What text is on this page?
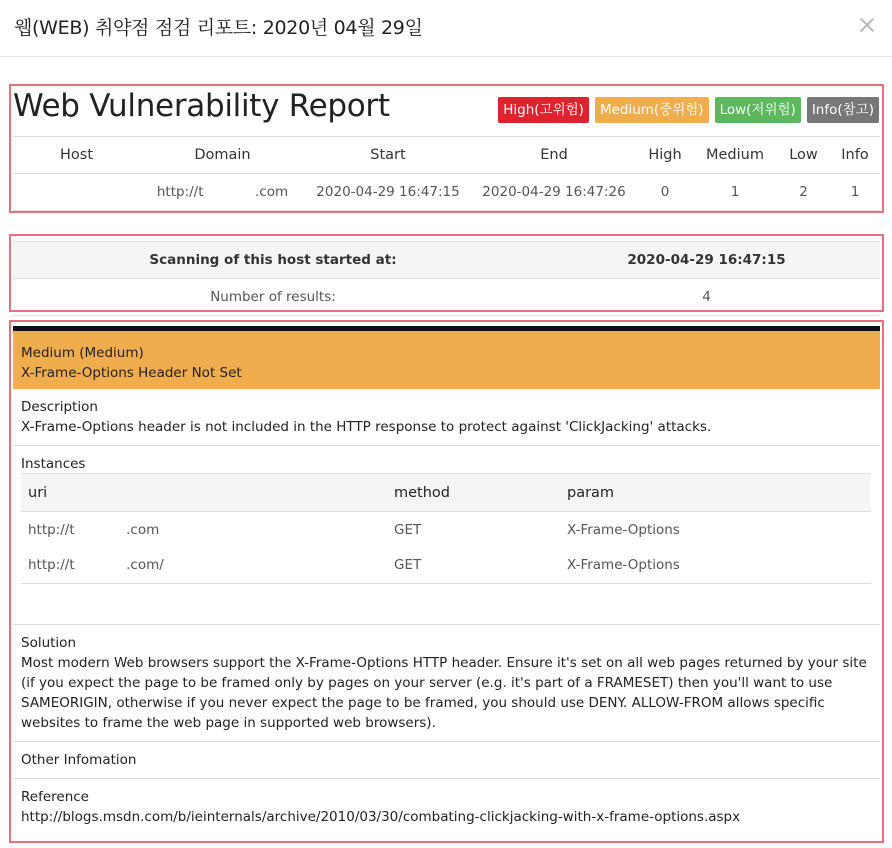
웹(WEB) 취약점 점검 리포트: 2020년 04월 29일
Web Vulnerability Report	High(고위험)	Medium(중위험)	Low(저위험)	Info(참고)
Host	Domain	Start	End	High	Medium	Low	Info
	http://t            .com	2020-04-29 16:47:15	2020-04-29 16:47:26	0	1	2	1
Scanning of this host started at:	2020-04-29 16:47:15
Number of results:	4
Medium (Medium)
X-Frame-Options Header Not Set
Description
X-Frame-Options header is not included in the HTTP response to protect against 'ClickJacking' attacks.
Instances
uri	method	param
http://t            .com	GET	X-Frame-Options
http://t            .com/	GET	X-Frame-Options
Solution
Most modern Web browsers support the X-Frame-Options HTTP header. Ensure it's set on all web pages returned by your site (if you expect the page to be framed only by pages on your server (e.g. it's part of a FRAMESET) then you'll want to use SAMEORIGIN, otherwise if you never expect the page to be framed, you should use DENY. ALLOW-FROM allows specific websites to frame the web page in supported web browsers).
Other Infomation
Reference
http://blogs.msdn.com/b/ieinternals/archive/2010/03/30/combating-clickjacking-with-x-frame-options.aspx
